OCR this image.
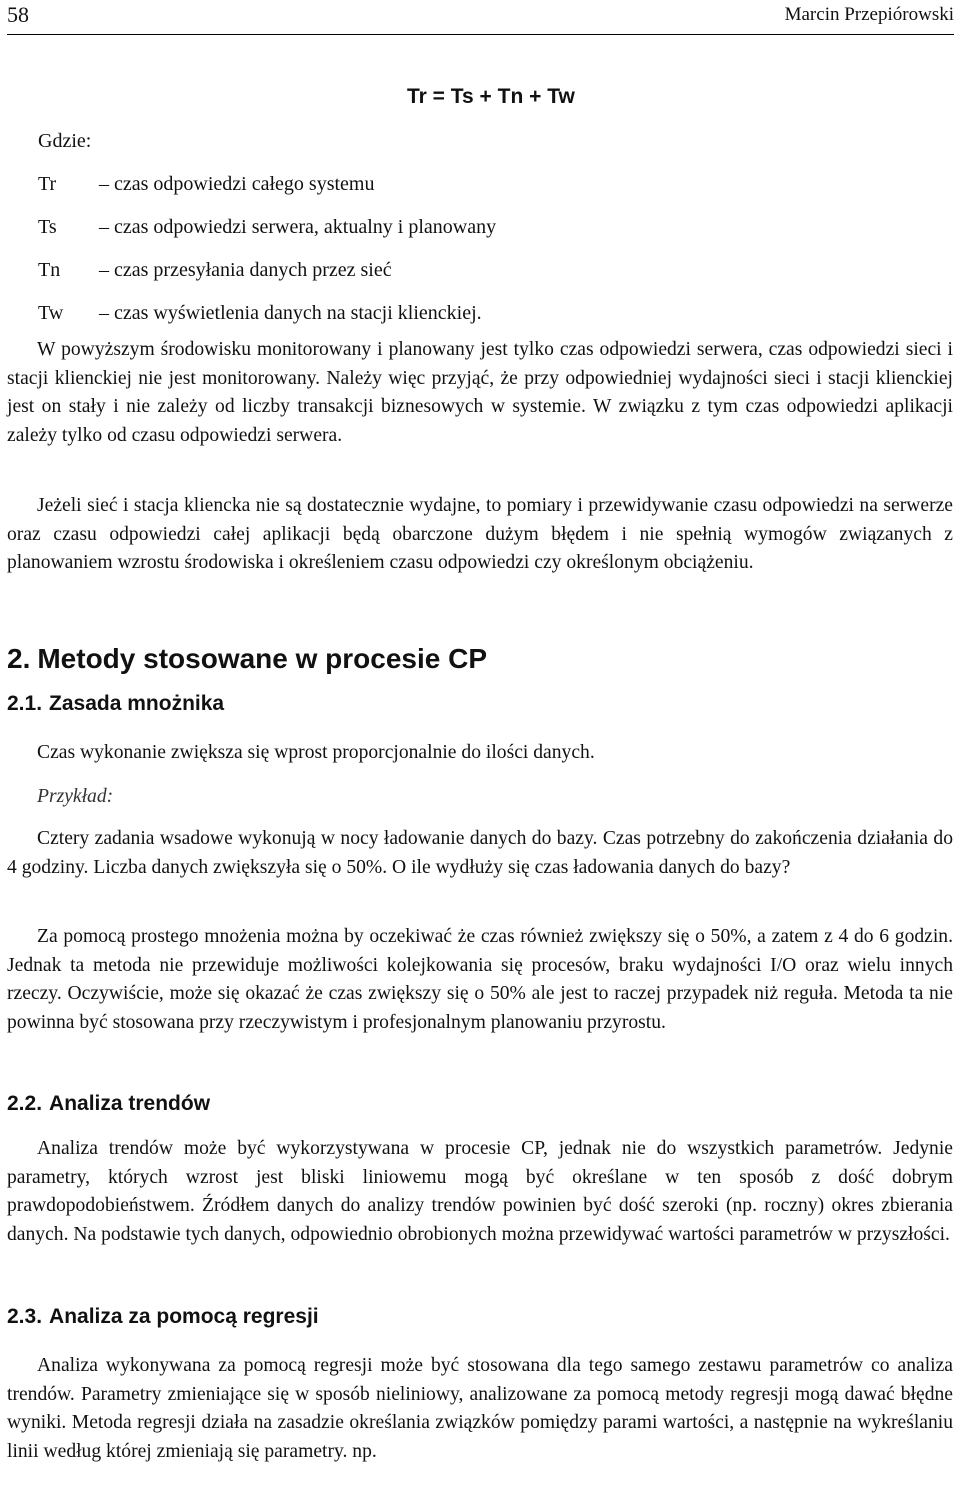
58	Marcin Przepiórowski
Tr = Ts + Tn + Tw
Gdzie:
Tr – czas odpowiedzi całego systemu
Ts – czas odpowiedzi serwera, aktualny i planowany
Tn – czas przesyłania danych przez sieć
Tw – czas wyświetlenia danych na stacji klienckiej.

W powyższym środowisku monitorowany i planowany jest tylko czas odpowiedzi serwera, czas odpowiedzi sieci i stacji klienckiej nie jest monitorowany. Należy więc przyjąć, że przy odpowiedniej wydajności sieci i stacji klienckiej jest on stały i nie zależy od liczby transakcji biznesowych w systemie. W związku z tym czas odpowiedzi aplikacji zależy tylko od czasu odpowiedzi serwera.

Jeżeli sieć i stacja kliencka nie są dostatecznie wydajne, to pomiary i przewidywanie czasu odpowiedzi na serwerze oraz czasu odpowiedzi całej aplikacji będą obarczone dużym błędem i nie spełnią wymogów związanych z planowaniem wzrostu środowiska i określeniem czasu odpowiedzi czy określonym obciążeniu.

2. Metody stosowane w procesie CP
2.1. Zasada mnożnika

Czas wykonanie zwiększa się wprost proporcjonalnie do ilości danych.

Przykład:

Cztery zadania wsadowe wykonują w nocy ładowanie danych do bazy. Czas potrzebny do zakończenia działania do 4 godziny. Liczba danych zwiększyła się o 50%. O ile wydłuży się czas ładowania danych do bazy?

Za pomocą prostego mnożenia można by oczekiwać że czas również zwiększy się o 50%, a zatem z 4 do 6 godzin. Jednak ta metoda nie przewiduje możliwości kolejkowania się procesów, braku wydajności I/O oraz wielu innych rzeczy. Oczywiście, może się okazać że czas zwiększy się o 50% ale jest to raczej przypadek niż reguła. Metoda ta nie powinna być stosowana przy rzeczywistym i profesjonalnym planowaniu przyrostu.

2.2. Analiza trendów

Analiza trendów może być wykorzystywana w procesie CP, jednak nie do wszystkich parametrów. Jedynie parametry, których wzrost jest bliski liniowemu mogą być określane w ten sposób z dość dobrym prawdopodobieństwem. Źródłem danych do analizy trendów powinien być dość szeroki (np. roczny) okres zbierania danych. Na podstawie tych danych, odpowiednio obrobionych można przewidywać wartości parametrów w przyszłości.

2.3. Analiza za pomocą regresji

Analiza wykonywana za pomocą regresji może być stosowana dla tego samego zestawu parametrów co analiza trendów. Parametry zmieniające się w sposób nieliniowy, analizowane za pomocą metody regresji mogą dawać błędne wyniki. Metoda regresji działa na zasadzie określania związków pomiędzy parami wartości, a następnie na wykreślaniu linii według której zmieniają się parametry. np.
